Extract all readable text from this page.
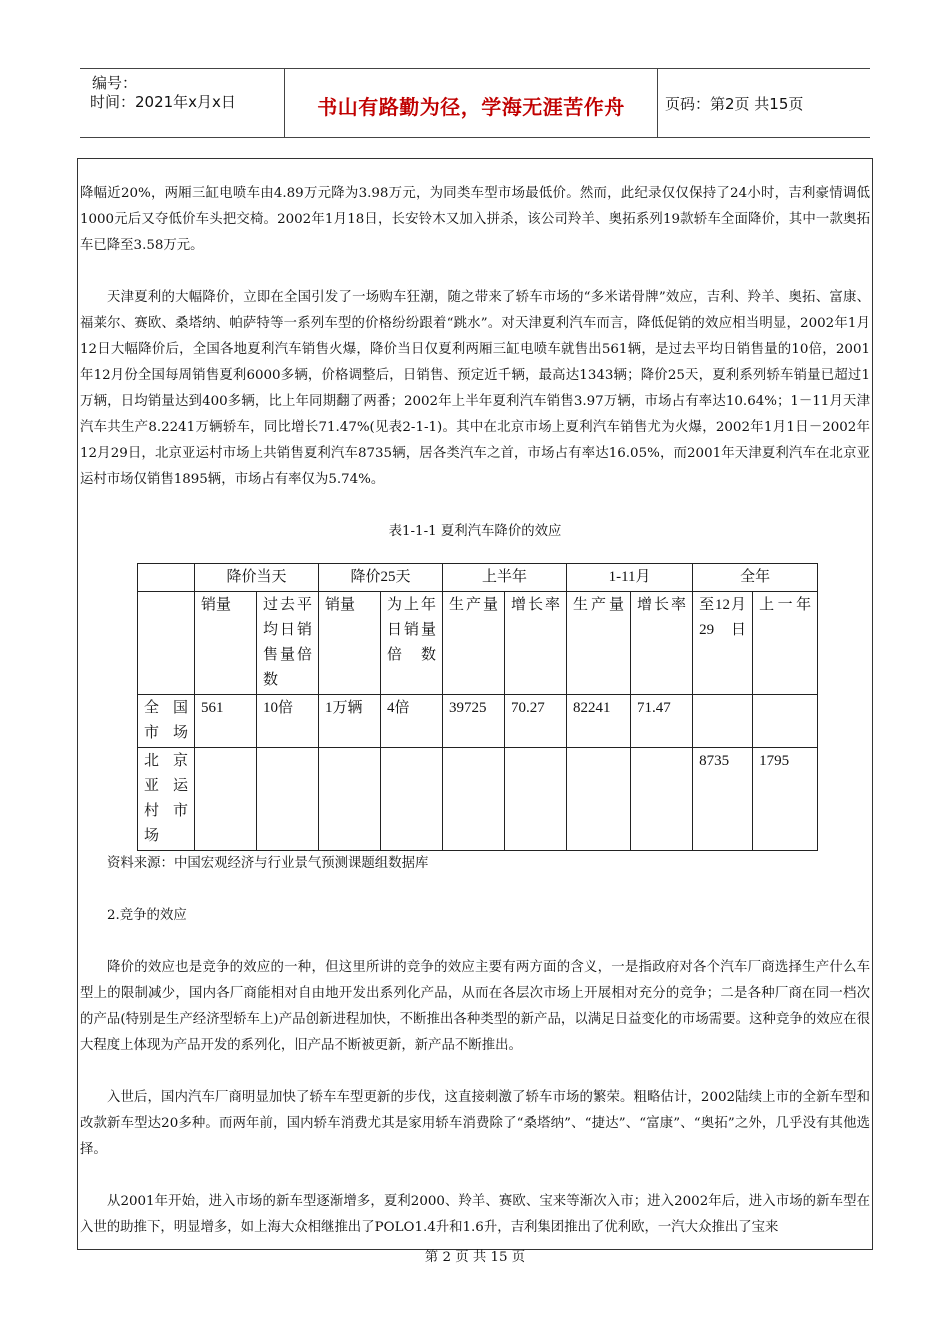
编号：
时间：2021年x月x日	书山有路勤为径，学海无涯苦作舟	页码：第2页 共15页

降幅近20%，两厢三缸电喷车由4.89万元降为3.98万元，为同类车型市场最低价。然而，此纪录仅仅保持了24小时，吉利豪情调低1000元后又夺低价车头把交椅。2002年1月18日，长安铃木又加入拼杀，该公司羚羊、奥拓系列19款轿车全面降价，其中一款奥拓车已降至3.58万元。

天津夏利的大幅降价，立即在全国引发了一场购车狂潮，随之带来了轿车市场的“多米诺骨牌”效应，吉利、羚羊、奥拓、富康、福莱尔、赛欧、桑塔纳、帕萨特等一系列车型的价格纷纷跟着“跳水”。对天津夏利汽车而言，降低促销的效应相当明显，2002年1月12日大幅降价后，全国各地夏利汽车销售火爆，降价当日仅夏利两厢三缸电喷车就售出561辆，是过去平均日销售量的10倍，2001年12月份全国每周销售夏利6000多辆，价格调整后，日销售、预定近千辆，最高达1343辆；降价25天，夏利系列轿车销量已超过1万辆，日均销量达到400多辆，比上年同期翻了两番；2002年上半年夏利汽车销售3.97万辆，市场占有率达10.64%；1－11月天津汽车共生产8.2241万辆轿车，同比增长71.47%(见表2-1-1)。其中在北京市场上夏利汽车销售尤为火爆，2002年1月1日－2002年12月29日，北京亚运村市场上共销售夏利汽车8735辆，居各类汽车之首，市场占有率达16.05%，而2001年天津夏利汽车在北京亚运村市场仅销售1895辆，市场占有率仅为5.74%。

表1-1-1 夏利汽车降价的效应
	降价当天		降价25天		上半年		1-11月		全年	
	销量	过去平均日销售量倍数	销量	为上年日销量倍数	生产量	增长率	生产量	增长率	至12月29日	上一年
全国市场	561	10倍	1万辆	4倍	39725	70.27	82241	71.47		
北京亚运村市场									8735	1795

资料来源：中国宏观经济与行业景气预测课题组数据库

2.竞争的效应

降价的效应也是竞争的效应的一种，但这里所讲的竞争的效应主要有两方面的含义，一是指政府对各个汽车厂商选择生产什么车型上的限制减少，国内各厂商能相对自由地开发出系列化产品，从而在各层次市场上开展相对充分的竞争；二是各种厂商在同一档次的产品(特别是生产经济型轿车上)产品创新进程加快，不断推出各种类型的新产品，以满足日益变化的市场需要。这种竞争的效应在很大程度上体现为产品开发的系列化，旧产品不断被更新，新产品不断推出。

入世后，国内汽车厂商明显加快了轿车车型更新的步伐，这直接刺激了轿车市场的繁荣。粗略估计，2002陆续上市的全新车型和改款新车型达20多种。而两年前，国内轿车消费尤其是家用轿车消费除了“桑塔纳”、“捷达”、“富康”、“奥拓”之外，几乎没有其他选择。

从2001年开始，进入市场的新车型逐渐增多，夏利2000、羚羊、赛欧、宝来等渐次入市；进入2002年后，进入市场的新车型在入世的助推下，明显增多，如上海大众相继推出了POLO1.4升和1.6升，吉利集团推出了优利欧，一汽大众推出了宝来

第 2 页 共 15 页
